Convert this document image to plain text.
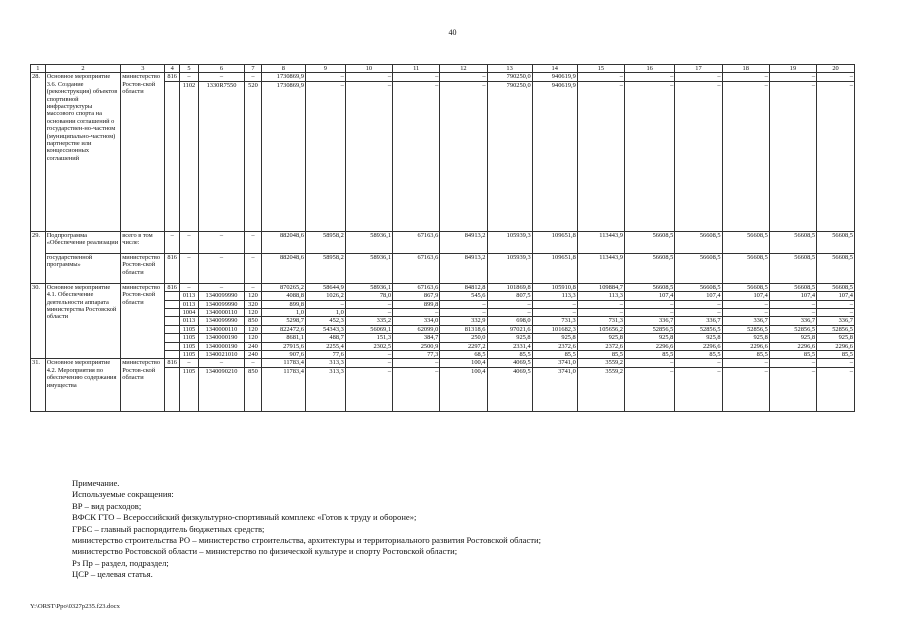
40
1	2	3	4	5	6	7	8	9	10	11	12	13	14	15	16	17	18	19	20
28.	Основное мероприятие 3.6. Создание (реконструкция) объектов спортивной инфраструктуры массового спорта на основании соглашений о государствен-но-частном (муниципально-частном) партнерстве или концессионных соглашений	министерство Ростов-ской области	816	–	–	–	1730869,9	–	–	–	–	790250,0	940619,9	–	–	–	–	–	–
				1102	1330R7550	520	1730869,9	–	–	–	–	790250,0	940619,9	–	–	–	–	–	–
29.	Подпрограмма «Обеспечение реализации	всего в том числе:	–	–	–	–	882048,6	58958,2	58936,1	67163,6	84913,2	105939,3	109651,8	113443,9	56608,5	56608,5	56608,5	56608,5	56608,5
	государственной программы»	министерство Ростов-ской области	816	–	–	–	882048,6	58958,2	58936,1	67163,6	84913,2	105939,3	109651,8	113443,9	56608,5	56608,5	56608,5	56608,5	56608,5
30.	Основное мероприятие 4.1. Обеспечение деятельности аппарата министерства Ростовской области	министерство Ростов-ской области	816	–	–	–	870265,2	58644,9	58936,1	67163,6	84812,8	101869,8	105910,8	109884,7	56608,5	56608,5	56608,5	56608,5	56608,5
				0113	1340099990	120	4088,8	1026,2	78,0	867,9	545,6	807,5	113,3	113,3	107,4	107,4	107,4	107,4	107,4
				0113	1340099990	320	899,8	–	–	899,8	–	–	–	–	–	–	–	–	–
				1004	1340000110	120	1,0	1,0	–	–	–	–	–	–	–	–	–	–	–
				0113	1340099990	850	5298,7	452,3	335,2	334,0	332,9	698,0	731,3	731,3	336,7	336,7	336,7	336,7	336,7
				1105	1340000110	120	822472,6	54343,3	56069,1	62099,0	81318,6	97021,6	101682,3	105656,2	52856,5	52856,5	52856,5	52856,5	52856,5
				1105	1340000190	120	8681,1	488,7	151,3	384,7	250,0	925,8	925,8	925,8	925,8	925,8	925,8	925,8	925,8
				1105	1340000190	240	27915,6	2255,4	2302,5	2500,9	2297,2	2331,4	2372,6	2372,6	2296,6	2296,6	2296,6	2296,6	2296,6
				1105	1340021010	240	907,6	77,6	–	77,3	68,5	85,5	85,5	85,5	85,5	85,5	85,5	85,5	85,5
31.	Основное мероприятие 4.2. Мероприятия по обеспечению содержания имущества	министерство Ростов-ской области	816	–	–	–	11783,4	313,3	–	–	100,4	4069,5	3741,0	3559,2	–	–	–	–	–
				1105	1340090210	850	11783,4	313,3	–	–	100,4	4069,5	3741,0	3559,2	–	–	–	–	–
Примечание.
Используемые сокращения:
ВР – вид расходов;
ВФСК ГТО – Всероссийский физкультурно-спортивный комплекс «Готов к труду и обороне»;
ГРБС – главный распорядитель бюджетных средств;
министерство строительства РО – министерство строительства, архитектуры и территориального развития Ростовской области;
министерство Ростовской области – министерство по физической культуре и спорту Ростовской области;
Рз Пр – раздел, подраздел;
ЦСР – целевая статья.
Y:\ORST\Ppo\0327p235.f23.docx
